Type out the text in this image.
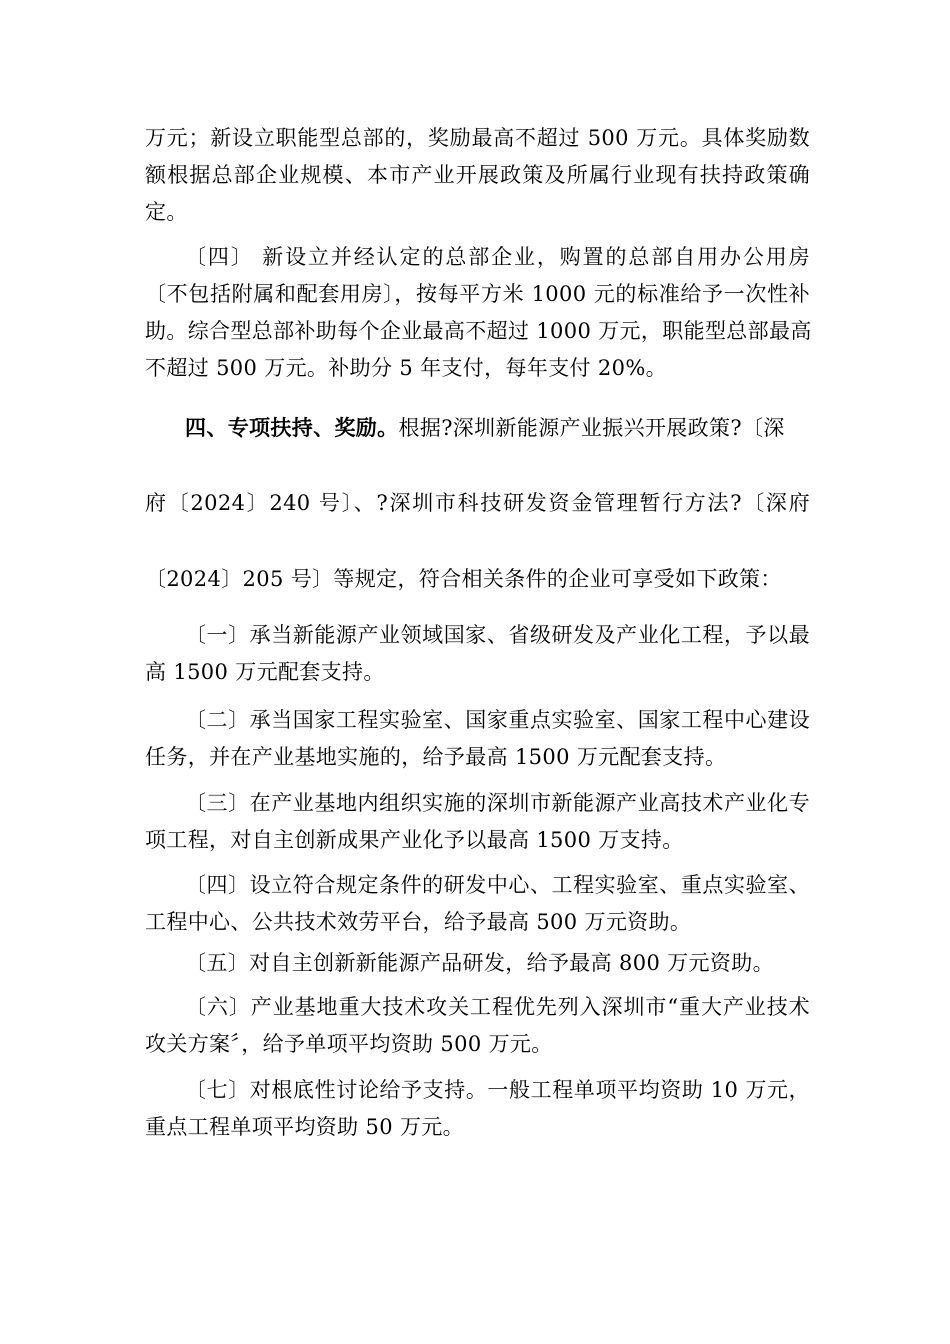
万元；新设立职能型总部的，奖励最高不超过 500 万元。具体奖励数
额根据总部企业规模、本市产业开展政策及所属行业现有扶持政策确
定。
〔四〕 新设立并经认定的总部企业，购置的总部自用办公用房
〔不包括附属和配套用房〕，按每平方米 1000 元的标准给予一次性补
助。综合型总部补助每个企业最高不超过 1000 万元，职能型总部最高
不超过 500 万元。补助分 5 年支付，每年支付 20%。
四、专项扶持、奖励。根据?深圳新能源产业振兴开展政策?〔深
府〔2024〕240 号〕、?深圳市科技研发资金管理暂行方法?〔深府
〔2024〕205 号〕等规定，符合相关条件的企业可享受如下政策：
〔一〕承当新能源产业领域国家、省级研发及产业化工程，予以最
高 1500 万元配套支持。
〔二〕承当国家工程实验室、国家重点实验室、国家工程中心建设
任务，并在产业基地实施的，给予最高 1500 万元配套支持。
〔三〕在产业基地内组织实施的深圳市新能源产业高技术产业化专
项工程，对自主创新成果产业化予以最高 1500 万支持。
〔四〕设立符合规定条件的研发中心、工程实验室、重点实验室、
工程中心、公共技术效劳平台，给予最高 500 万元资助。
〔五〕对自主创新新能源产品研发，给予最高 800 万元资助。
〔六〕产业基地重大技术攻关工程优先列入深圳市“重大产业技术
攻关方案〞，给予单项平均资助 500 万元。
〔七〕对根底性讨论给予支持。一般工程单项平均资助 10 万元，
重点工程单项平均资助 50 万元。
